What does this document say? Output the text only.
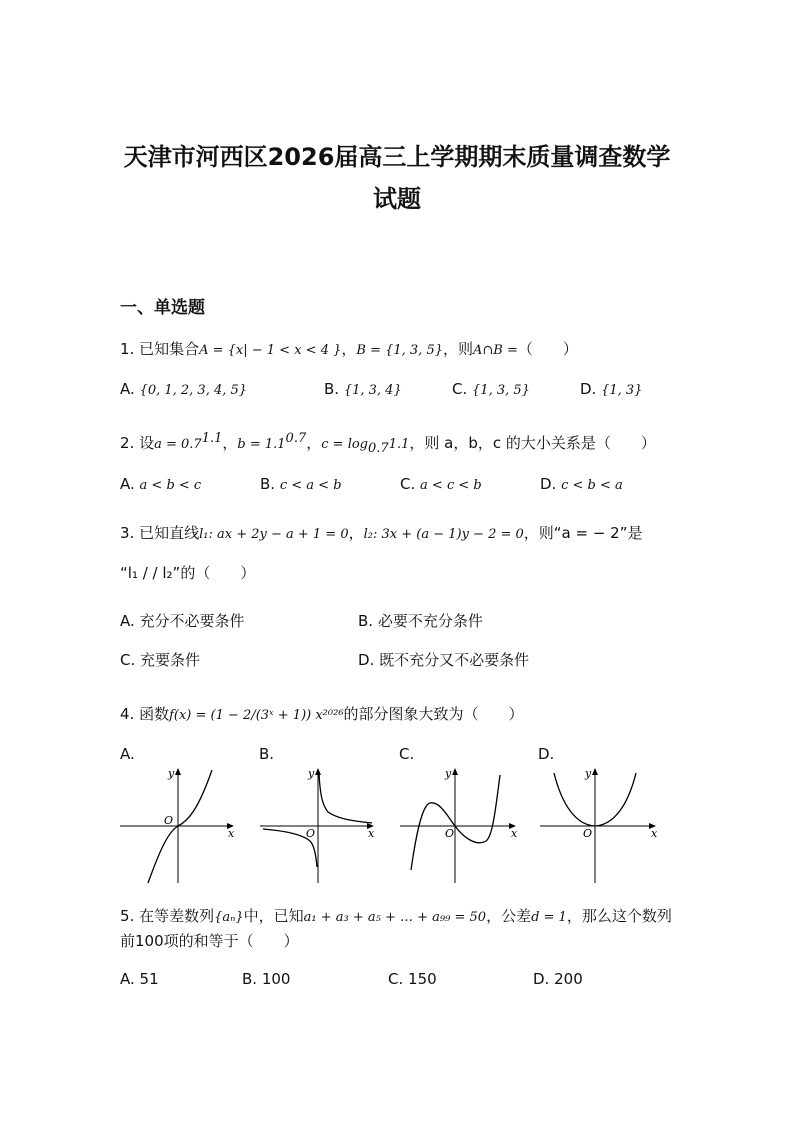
天津市河西区2026届高三上学期期末质量调查数学
试题
一、单选题
1. 已知集合A = {x| − 1 < x < 4 }，B = {1, 3, 5}，则A∩B =（　　）
A. {0, 1, 2, 3, 4, 5}	B. {1, 3, 4}	C. {1, 3, 5}	D. {1, 3}
2. 设$a = 0.7^{1.1}$，$b = 1.1^{0.7}$，$c = \log_{0.7}1.1$，则 a，b，c 的大小关系是（　　）
A. a < b < c	B. c < a < b	C. a < c < b	D. c < b < a
3. 已知直线l₁: ax + 2y − a + 1 = 0，l₂: 3x + (a − 1)y − 2 = 0，则“a = − 2”是
“l₁ / / l₂”的（　　）
A. 充分不必要条件	B. 必要不充分条件
C. 充要条件	D. 既不充分又不必要条件
4. 函数f(x) = (1 − 2/(3ˣ + 1)) x²⁰²⁶的部分图象大致为（　　）
A.	B.	C.	D.
y
x
O
y
x
O
y
x
O
y
x
O
5. 在等差数列{aₙ}中，已知a₁ + a₃ + a₅ + … + a₉₉ = 50，公差d = 1，那么这个数列
前100项的和等于（　　）
A. 51	B. 100	C. 150	D. 200
